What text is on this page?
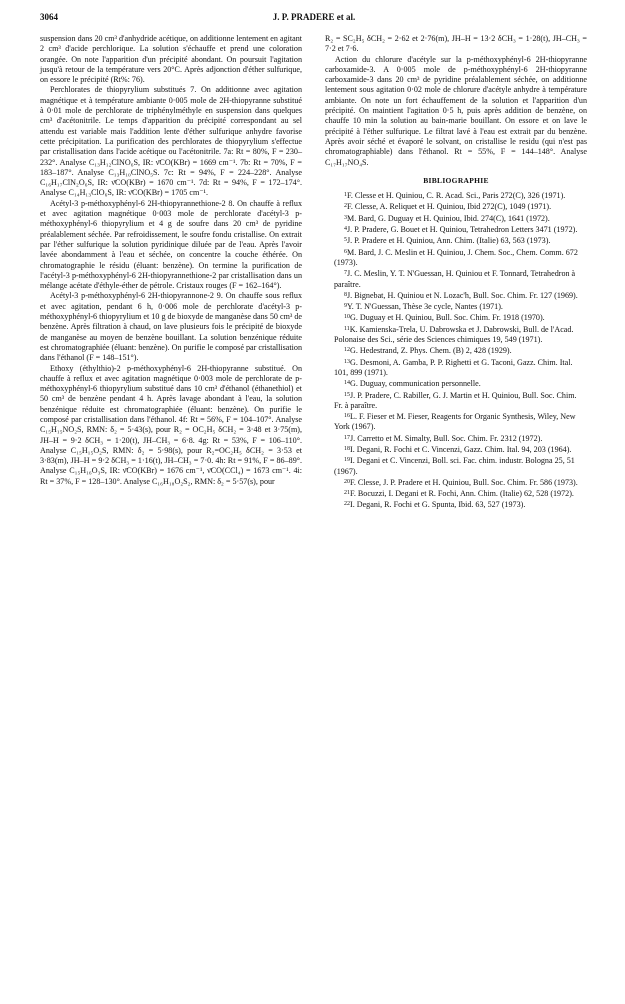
3064	J. P. PRADERE et al.

suspension dans 20 cm³ d'anhydride acétique, on additionne lentement en agitant 2 cm³ d'acide perchlorique. La solution s'échauffe et prend une coloration orangée. On note l'apparition d'un précipité abondant. On poursuit l'agitation jusqu'à retour de la température vers 20°C. Après adjonction d'éther sulfurique, on essore le précipité (Rt%: 76).

Perchlorates de thiopyrylium substitués 7. On additionne avec agitation magnétique et à température ambiante 0·005 mole de 2H-thiopyranne substitué à 0·01 mole de perchlorate de triphénylméthyle en suspension dans quelques cm³ d'acétonitrile. Le temps d'apparition du précipité correspondant au sel attendu est variable mais l'addition lente d'éther sulfurique anhydre favorise cette précipitation. La purification des perchlorates de thiopyrylium s'effectue par cristallisation dans l'acide acétique ou l'acétonitrile. 7a: Rt = 80%, F = 230–232°. Analyse C₁₃H₁₂ClNO₆S, IR: ν̄CO(KBr) = 1669 cm⁻¹. 7b: Rt = 70%, F = 183–187°. Analyse C₁₃H₁₀ClNO₅S. 7c: Rt = 94%, F = 224–228°. Analyse C₁₆H₁₇ClN₂O₆S, IR: ν̄CO(KBr) = 1670 cm⁻¹. 7d: Rt = 94%, F = 172–174°. Analyse C₁₄H₁₃ClO₆S, IR: ν̄CO(KBr) = 1705 cm⁻¹.

Acétyl-3 p-méthoxyphényl-6 2H-thiopyrannethione-2 8. On chauffe à reflux et avec agitation magnétique 0·003 mole de perchlorate d'acétyl-3 p-méthoxyphényl-6 thiopyrylium et 4 g de soufre dans 20 cm³ de pyridine préalablement séchée. Par refroidissement, le soufre fondu cristallise. On extrait par l'éther sulfurique la solution pyridinique diluée par de l'eau. Après l'avoir lavée abondamment à l'eau et séchée, on concentre la couche éthérée. On chromatographie le résidu (éluant: benzène). On termine la purification de l'acétyl-3 p-méthoxyphényl-6 2H-thiopyrannethione-2 par cristallisation dans un mélange acétate d'éthyle-éther de pétrole. Cristaux rouges (F = 162–164°).

Acétyl-3 p-méthoxyphényl-6 2H-thiopyrannone-2 9. On chauffe sous reflux et avec agitation, pendant 6 h, 0·006 mole de perchlorate d'acétyl-3 p-méthoxyphényl-6 thiopyrylium et 10 g de bioxyde de manganèse dans 50 cm³ de benzène. Après filtration à chaud, on lave plusieurs fois le précipité de bioxyde de manganèse au moyen de benzène bouillant. La solution benzénique réduite est chromatographiée (éluant: benzène). On purifie le composé par cristallisation dans l'éthanol (F = 148–151°).

Ethoxy (éthylthio)-2 p-méthoxyphényl-6 2H-thiopyranne substitué. On chauffe à reflux et avec agitation magnétique 0·003 mole de perchlorate de p-méthoxyphényl-6 thiopyrylium substitué dans 10 cm³ d'éthanol (éthanethiol) et 50 cm³ de benzène pendant 4 h. Après lavage abondant à l'eau, la solution benzénique réduite est chromatographiée (éluant: benzène). On purifie le composé par cristallisation dans l'éthanol. 4f: Rt = 56%, F = 104–107°. Analyse C₁₅H₁₅NO₂S, RMN: δ₂ = 5·43(s), pour R₂ = OC₂H₅ δCH₂ = 3·48 et 3·75(m), JH–H = 9·2 δCH₃ = 1·20(t), JH–CH₃ = 6·8. 4g: Rt = 53%, F = 106–110°. Analyse C₁₅H₁₅O₂S, RMN: δ₂ = 5·98(s), pour R₂=OC₂H₅ δCH₂ = 3·53 et 3·83(m), JH–H = 9·2 δCH₃ = 1·16(t), JH–CH₃ = 7·0. 4h: Rt = 91%, F = 86–89°. Analyse C₁₅H₁₆O₃S, IR: ν̄CO(KBr) = 1676 cm⁻¹, ν̄CO(CCl₄) = 1673 cm⁻¹. 4i: Rt = 37%, F = 128–130°. Analyse C₁₆H₁₈O₂S₂, RMN: δ₂ = 5·57(s), pour

R₂ = SC₂H₅ δCH₂ = 2·62 et 2·76(m), JH–H = 13·2 δCH₃ = 1·28(t), JH–CH₃ = 7·2 et 7·6.

Action du chlorure d'acétyle sur la p-méthoxyphényl-6 2H-thiopyranne carboxamide-3. A 0·005 mole de p-méthoxyphényl-6 2H-thiopyranne carboxamide-3 dans 20 cm³ de pyridine préalablement séchée, on additionne lentement sous agitation 0·02 mole de chlorure d'acétyle anhydre à température ambiante. On note un fort échauffement de la solution et l'apparition d'un précipité. On maintient l'agitation 0·5 h, puis après addition de benzène, on chauffe 10 min la solution au bain-marie bouillant. On essore et on lave le précipité à l'éther sulfurique. Le filtrat lavé à l'eau est extrait par du benzène. Après avoir séché et évaporé le solvant, on cristallise le residu (qui n'est pas chromatographiable) dans l'éthanol. Rt = 55%, F = 144–148°. Analyse C₁₇H₁₇NO₄S.

BIBLIOGRAPHIE

$^1$F. Clesse et H. Quiniou, C. R. Acad. Sci., Paris 272(C), 326 (1971).

$^2$F. Clesse, A. Reliquet et H. Quiniou, Ibid 272(C), 1049 (1971).

$^3$M. Bard, G. Duguay et H. Quiniou, Ibid. 274(C), 1641 (1972).

$^4$J. P. Pradere, G. Bouet et H. Quiniou, Tetrahedron Letters 3471 (1972).

$^5$J. P. Pradere et H. Quiniou, Ann. Chim. (Italie) 63, 563 (1973).

$^6$M. Bard, J. C. Meslin et H. Quiniou, J. Chem. Soc., Chem. Comm. 672 (1973).

$^7$J. C. Meslin, Y. T. N'Guessan, H. Quiniou et F. Tonnard, Tetrahedron à paraître.

$^8$J. Bignebat, H. Quiniou et N. Lozac'h, Bull. Soc. Chim. Fr. 127 (1969).

$^9$Y. T. N'Guessan, Thèse 3e cycle, Nantes (1971).

$^{10}$G. Duguay et H. Quiniou, Bull. Soc. Chim. Fr. 1918 (1970).

$^{11}$K. Kamienska-Trela, U. Dabrowska et J. Dabrowski, Bull. de l'Acad. Polonaise des Sci., série des Sciences chimiques 19, 549 (1971).

$^{12}$G. Hedestrand, Z. Phys. Chem. (B) 2, 428 (1929).

$^{13}$G. Desmoni, A. Gamba, P. P. Righetti et G. Taconi, Gazz. Chim. Ital. 101, 899 (1971).

$^{14}$G. Duguay, communication personnelle.

$^{15}$J. P. Pradere, C. Rabiller, G. J. Martin et H. Quiniou, Bull. Soc. Chim. Fr. à paraître.

$^{16}$L. F. Fieser et M. Fieser, Reagents for Organic Synthesis, Wiley, New York (1967).

$^{17}$J. Carretto et M. Simalty, Bull. Soc. Chim. Fr. 2312 (1972).

$^{18}$I. Degani, R. Fochi et C. Vincenzi, Gazz. Chim. Ital. 94, 203 (1964).

$^{19}$I. Degani et C. Vincenzi, Boll. sci. Fac. chim. industr. Bologna 25, 51 (1967).

$^{20}$F. Clesse, J. P. Pradere et H. Quiniou, Bull. Soc. Chim. Fr. 586 (1973).

$^{21}$F. Bocuzzi, I. Degani et R. Fochi, Ann. Chim. (Italie) 62, 528 (1972).

$^{22}$I. Degani, R. Fochi et G. Spunta, Ibid. 63, 527 (1973).
